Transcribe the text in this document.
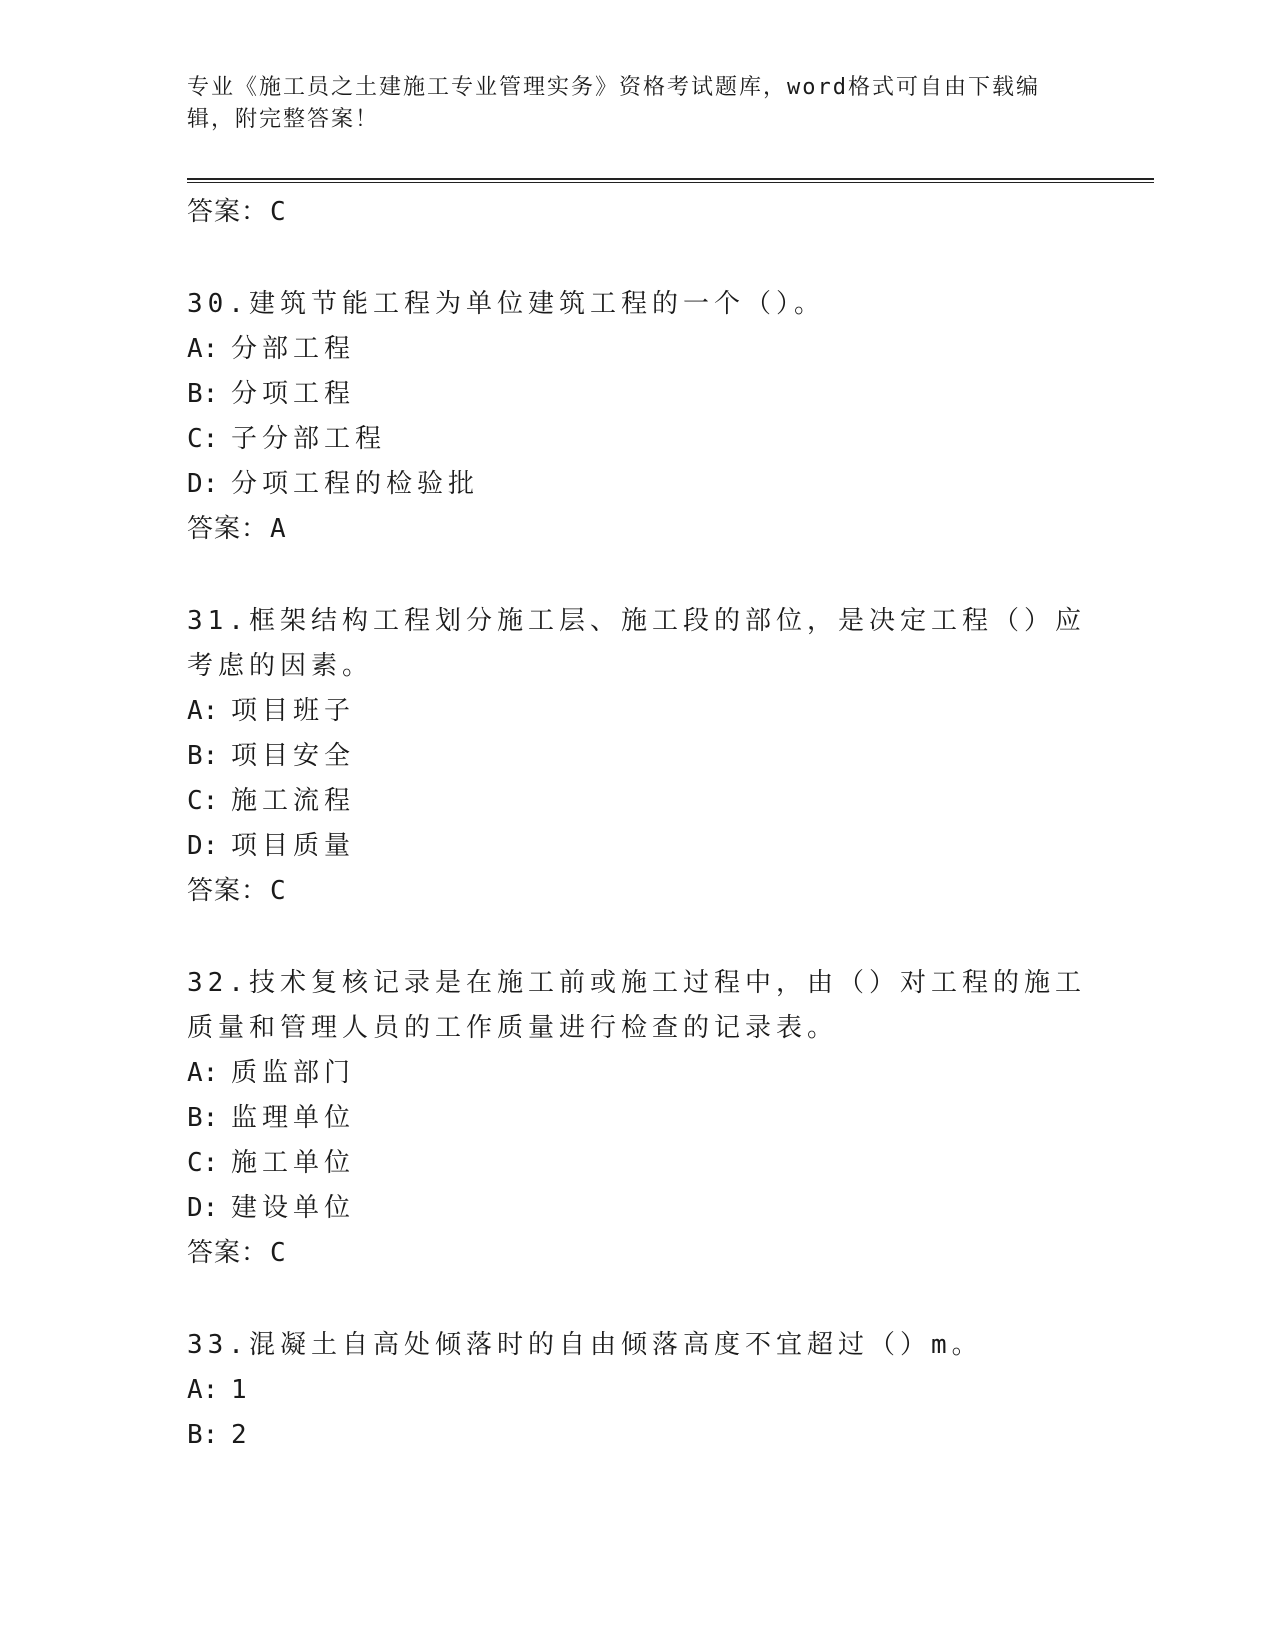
专业《施工员之土建施工专业管理实务》资格考试题库，word格式可自由下载编辑，附完整答案！
答案：C
30.建筑节能工程为单位建筑工程的一个（）。
A: 分部工程
B: 分项工程
C: 子分部工程
D: 分项工程的检验批
答案：A
31.框架结构工程划分施工层、施工段的部位，是决定工程（）应考虑的因素。
A: 项目班子
B: 项目安全
C: 施工流程
D: 项目质量
答案：C
32.技术复核记录是在施工前或施工过程中，由（）对工程的施工质量和管理人员的工作质量进行检查的记录表。
A: 质监部门
B: 监理单位
C: 施工单位
D: 建设单位
答案：C
33.混凝土自高处倾落时的自由倾落高度不宜超过（）m。
A: 1
B: 2
